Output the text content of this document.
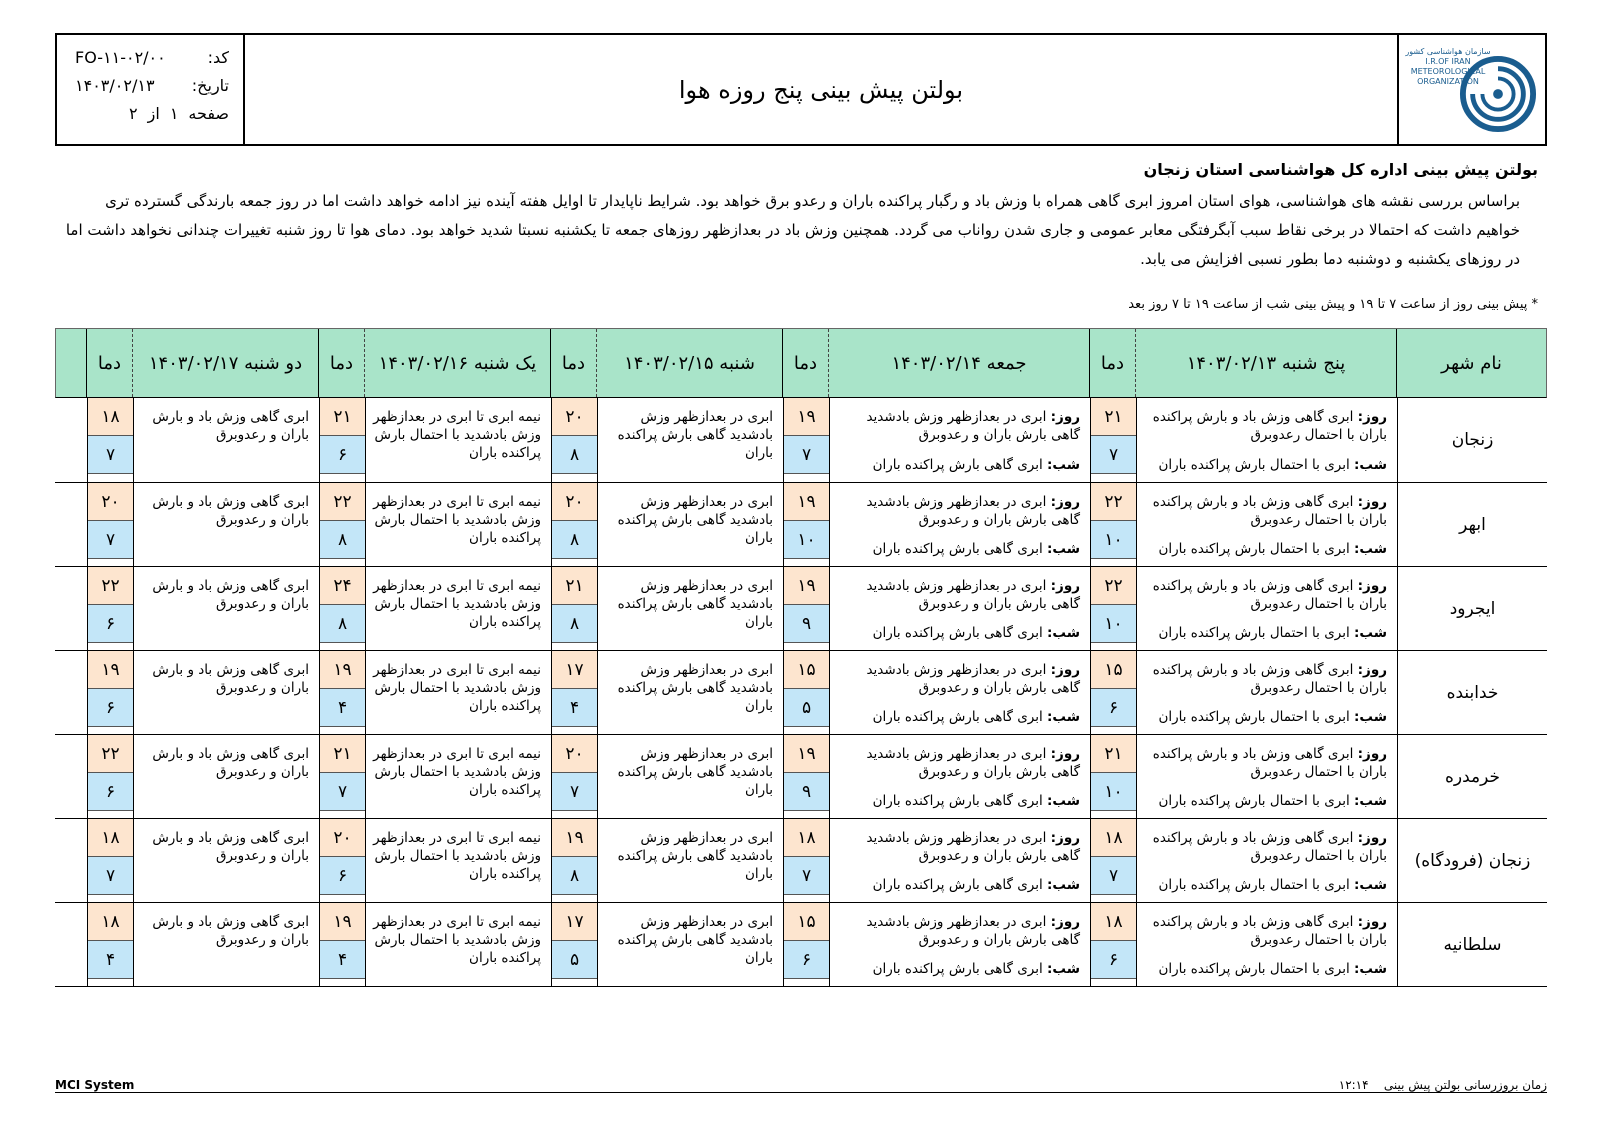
کد:
FO-۱۱-۰۲/۰۰
تاریخ:
۱۴۰۳/۰۲/۱۳
صفحه
۱
از
۲
بولتن پیش بینی پنج روزه هوا
سازمان هواشناسی کشور
I.R.OF IRAN
METEOROLOGICAL
ORGANIZATION
بولتن پیش بینی اداره کل هواشناسی استان زنجان
براساس بررسی نقشه های هواشناسی، هوای استان امروز ابری گاهی همراه با وزش باد و رگبار پراکنده باران و رعدو برق خواهد بود. شرایط ناپایدار تا اوایل هفته آینده نیز ادامه خواهد داشت اما در روز جمعه بارندگی گسترده تری خواهیم داشت که احتمالا در برخی نقاط سبب آبگرفتگی معابر عمومی و جاری شدن رواناب می گردد. همچنین وزش باد در بعدازظهر روزهای جمعه تا یکشنبه نسبتا شدید خواهد بود. دمای هوا تا روز شنبه تغییرات چندانی نخواهد داشت اما در روزهای یکشنبه و دوشنبه دما بطور نسبی افزایش می یابد.
* پیش بینی روز از ساعت ۷ تا ۱۹ و پیش بینی شب از ساعت ۱۹ تا ۷ روز بعد
نام شهر
پنج شنبه ۱۴۰۳/۰۲/۱۳
دما
جمعه ۱۴۰۳/۰۲/۱۴
دما
شنبه ۱۴۰۳/۰۲/۱۵
دما
یک شنبه ۱۴۰۳/۰۲/۱۶
دما
دو شنبه ۱۴۰۳/۰۲/۱۷
دما
زنجان
روز: ابری گاهی وزش باد و بارش پراکنده باران با احتمال رعدوبرق
شب: ابری با احتمال بارش پراکنده باران
۲۱
۷
روز: ابری در بعدازظهر وزش بادشدید گاهی بارش باران و رعدوبرق
شب: ابری گاهی بارش پراکنده باران
۱۹
۷
ابری در بعدازظهر وزش بادشدید گاهی بارش پراکنده باران
۲۰
۸
نیمه ابری تا ابری در بعدازظهر وزش بادشدید با احتمال بارش پراکنده باران
۲۱
۶
ابری گاهی وزش باد و بارش باران و رعدوبرق
۱۸
۷
ابهر
روز: ابری گاهی وزش باد و بارش پراکنده باران با احتمال رعدوبرق
شب: ابری با احتمال بارش پراکنده باران
۲۲
۱۰
روز: ابری در بعدازظهر وزش بادشدید گاهی بارش باران و رعدوبرق
شب: ابری گاهی بارش پراکنده باران
۱۹
۱۰
ابری در بعدازظهر وزش بادشدید گاهی بارش پراکنده باران
۲۰
۸
نیمه ابری تا ابری در بعدازظهر وزش بادشدید با احتمال بارش پراکنده باران
۲۲
۸
ابری گاهی وزش باد و بارش باران و رعدوبرق
۲۰
۷
ایجرود
روز: ابری گاهی وزش باد و بارش پراکنده باران با احتمال رعدوبرق
شب: ابری با احتمال بارش پراکنده باران
۲۲
۱۰
روز: ابری در بعدازظهر وزش بادشدید گاهی بارش باران و رعدوبرق
شب: ابری گاهی بارش پراکنده باران
۱۹
۹
ابری در بعدازظهر وزش بادشدید گاهی بارش پراکنده باران
۲۱
۸
نیمه ابری تا ابری در بعدازظهر وزش بادشدید با احتمال بارش پراکنده باران
۲۴
۸
ابری گاهی وزش باد و بارش باران و رعدوبرق
۲۲
۶
خدابنده
روز: ابری گاهی وزش باد و بارش پراکنده باران با احتمال رعدوبرق
شب: ابری با احتمال بارش پراکنده باران
۱۵
۶
روز: ابری در بعدازظهر وزش بادشدید گاهی بارش باران و رعدوبرق
شب: ابری گاهی بارش پراکنده باران
۱۵
۵
ابری در بعدازظهر وزش بادشدید گاهی بارش پراکنده باران
۱۷
۴
نیمه ابری تا ابری در بعدازظهر وزش بادشدید با احتمال بارش پراکنده باران
۱۹
۴
ابری گاهی وزش باد و بارش باران و رعدوبرق
۱۹
۶
خرمدره
روز: ابری گاهی وزش باد و بارش پراکنده باران با احتمال رعدوبرق
شب: ابری با احتمال بارش پراکنده باران
۲۱
۱۰
روز: ابری در بعدازظهر وزش بادشدید گاهی بارش باران و رعدوبرق
شب: ابری گاهی بارش پراکنده باران
۱۹
۹
ابری در بعدازظهر وزش بادشدید گاهی بارش پراکنده باران
۲۰
۷
نیمه ابری تا ابری در بعدازظهر وزش بادشدید با احتمال بارش پراکنده باران
۲۱
۷
ابری گاهی وزش باد و بارش باران و رعدوبرق
۲۲
۶
زنجان (فرودگاه)
روز: ابری گاهی وزش باد و بارش پراکنده باران با احتمال رعدوبرق
شب: ابری با احتمال بارش پراکنده باران
۱۸
۷
روز: ابری در بعدازظهر وزش بادشدید گاهی بارش باران و رعدوبرق
شب: ابری گاهی بارش پراکنده باران
۱۸
۷
ابری در بعدازظهر وزش بادشدید گاهی بارش پراکنده باران
۱۹
۸
نیمه ابری تا ابری در بعدازظهر وزش بادشدید با احتمال بارش پراکنده باران
۲۰
۶
ابری گاهی وزش باد و بارش باران و رعدوبرق
۱۸
۷
سلطانیه
روز: ابری گاهی وزش باد و بارش پراکنده باران با احتمال رعدوبرق
شب: ابری با احتمال بارش پراکنده باران
۱۸
۶
روز: ابری در بعدازظهر وزش بادشدید گاهی بارش باران و رعدوبرق
شب: ابری گاهی بارش پراکنده باران
۱۵
۶
ابری در بعدازظهر وزش بادشدید گاهی بارش پراکنده باران
۱۷
۵
نیمه ابری تا ابری در بعدازظهر وزش بادشدید با احتمال بارش پراکنده باران
۱۹
۴
ابری گاهی وزش باد و بارش باران و رعدوبرق
۱۸
۴
MCI System	زمان بروزرسانی بولتن پیش بینی    ۱۲:۱۴
